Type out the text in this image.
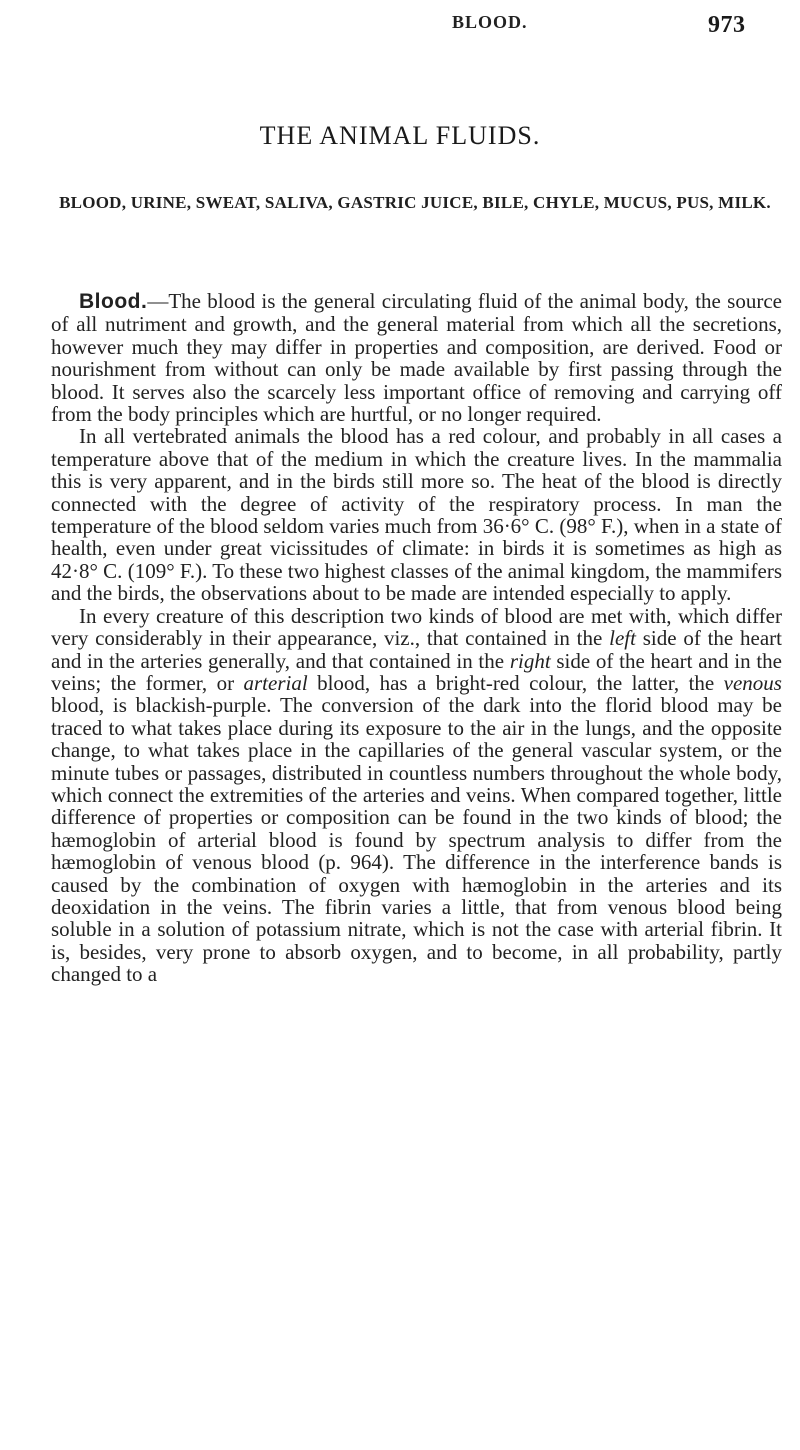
BLOOD.	973
THE ANIMAL FLUIDS.
BLOOD, URINE, SWEAT, SALIVA, GASTRIC JUICE, BILE, CHYLE, MUCUS, PUS, MILK.

Blood.—The blood is the general circulating fluid of the animal body, the source of all nutriment and growth, and the general material from which all the secretions, however much they may differ in properties and composition, are derived. Food or nourishment from without can only be made available by first passing through the blood. It serves also the scarcely less important office of removing and carrying off from the body principles which are hurtful, or no longer required.

In all vertebrated animals the blood has a red colour, and probably in all cases a temperature above that of the medium in which the creature lives. In the mammalia this is very apparent, and in the birds still more so. The heat of the blood is directly connected with the degree of activity of the respiratory process. In man the temperature of the blood seldom varies much from 36·6° C. (98° F.), when in a state of health, even under great vicissitudes of climate: in birds it is sometimes as high as 42·8° C. (109° F.). To these two highest classes of the animal kingdom, the mammifers and the birds, the observations about to be made are intended especially to apply.

In every creature of this description two kinds of blood are met with, which differ very considerably in their appearance, viz., that contained in the left side of the heart and in the arteries generally, and that contained in the right side of the heart and in the veins; the former, or arterial blood, has a bright-red colour, the latter, the venous blood, is blackish-purple. The conversion of the dark into the florid blood may be traced to what takes place during its exposure to the air in the lungs, and the opposite change, to what takes place in the capillaries of the general vascular system, or the minute tubes or passages, distributed in countless numbers throughout the whole body, which connect the extremities of the arteries and veins. When compared together, little difference of properties or composition can be found in the two kinds of blood; the hæmoglobin of arterial blood is found by spectrum analysis to differ from the hæmoglobin of venous blood (p. 964). The difference in the interference bands is caused by the combination of oxygen with hæmoglobin in the arteries and its deoxidation in the veins. The fibrin varies a little, that from venous blood being soluble in a solution of potassium nitrate, which is not the case with arterial fibrin. It is, besides, very prone to absorb oxygen, and to become, in all probability, partly changed to a
